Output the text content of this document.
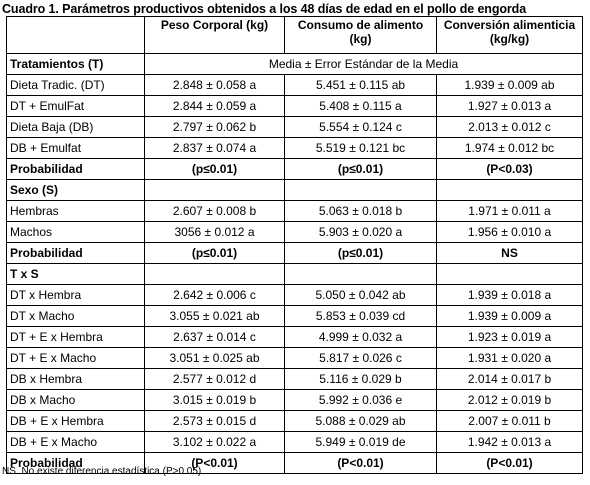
Cuadro 1. Parámetros productivos obtenidos a los 48 días de edad en el pollo de engorda
	Peso Corporal (kg)	Consumo de alimento (kg)	Conversión alimenticia (kg/kg)
Tratamientos (T)	Media ± Error Estándar de la Media		
Dieta Tradic. (DT)	2.848 ± 0.058 a	5.451 ± 0.115 ab	1.939 ± 0.009 ab
DT + EmulFat	2.844 ± 0.059 a	5.408 ± 0.115 a	1.927 ± 0.013 a
Dieta Baja (DB)	2.797 ± 0.062 b	5.554 ± 0.124 c	2.013 ± 0.012 c
DB + Emulfat	2.837 ± 0.074 a	5.519 ± 0.121 bc	1.974 ± 0.012 bc
Probabilidad	(p≤0.01)	(p≤0.01)	(P<0.03)
Sexo (S)			
Hembras	2.607 ± 0.008 b	5.063 ± 0.018 b	1.971 ± 0.011 a
Machos	3056 ± 0.012 a	5.903 ± 0.020 a	1.956 ± 0.010 a
Probabilidad	(p≤0.01)	(p≤0.01)	NS
T x S			
DT x Hembra	2.642 ± 0.006 c	5.050 ± 0.042 ab	1.939 ± 0.018 a
DT x Macho	3.055 ± 0.021 ab	5.853 ± 0.039 cd	1.939 ± 0.009 a
DT + E x Hembra	2.637 ± 0.014 c	4.999 ± 0.032 a	1.923 ± 0.019 a
DT + E x Macho	3.051 ± 0.025 ab	5.817 ± 0.026 c	1.931 ± 0.020 a
DB x Hembra	2.577 ± 0.012 d	5.116 ± 0.029 b	2.014 ± 0.017 b
DB x Macho	3.015 ± 0.019 b	5.992 ± 0.036 e	2.012 ± 0.019 b
DB + E x Hembra	2.573 ± 0.015 d	5.088 ± 0.029 ab	2.007 ± 0.011 b
DB + E x Macho	3.102 ± 0.022 a	5.949 ± 0.019 de	1.942 ± 0.013 a
Probabilidad	(P<0.01)	(P<0.01)	(P<0.01)
NS. No existe diferencia estadística (P>0.05)
